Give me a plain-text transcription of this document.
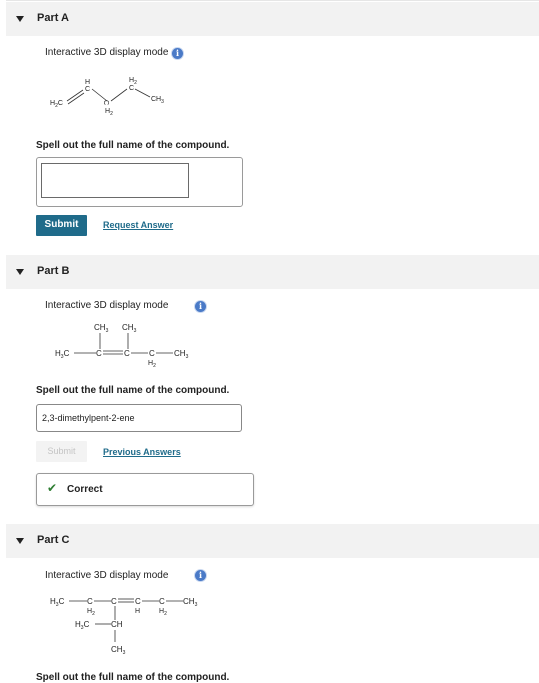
Part A
Interactive 3D display mode i
H
C
$H_2$
C
$H_2C$
$CH_3$
$H_2$
C
Spell out the full name of the compound.
Submit	Request Answer
Part B
Interactive 3D display mode	i
$CH_3$ $CH_3$
$H_3C$	C	C C
$H_2$
$CH_3$
Spell out the full name of the compound.
2,3-dimethylpent-2-ene
Submit	Previous Answers
✔ Correct
Part C
Interactive 3D display mode	i
$H_3C$	C
$H_2$
C C
H
C
$H_2$
$CH_3$
$H_3C$	CH
$CH_3$
Spell out the full name of the compound.
